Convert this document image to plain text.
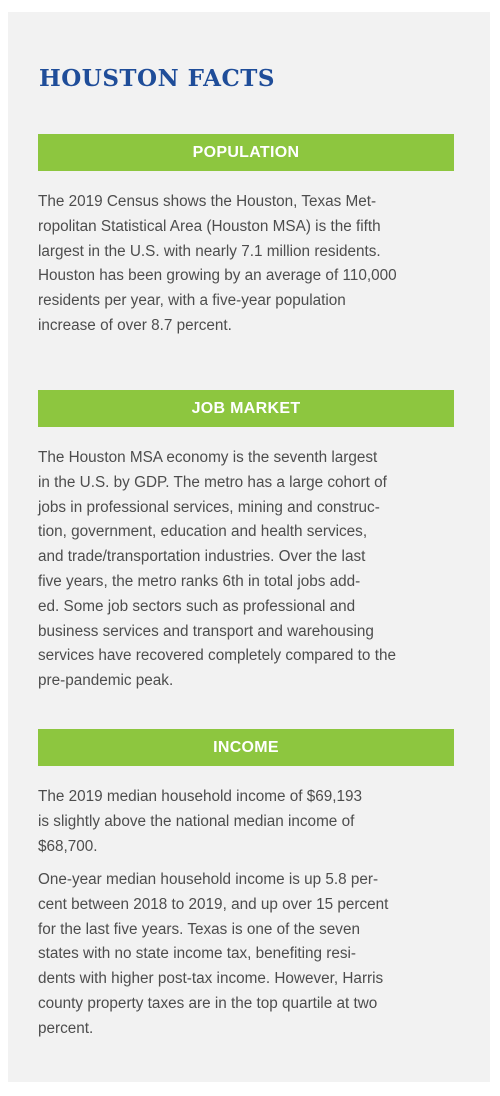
HOUSTON FACTS
POPULATION

The 2019 Census shows the Houston, Texas Met-
ropolitan Statistical Area (Houston MSA) is the fifth
largest in the U.S. with nearly 7.1 million residents.
Houston has been growing by an average of 110,000
residents per year, with a five-year population
increase of over 8.7 percent.

JOB MARKET

The Houston MSA economy is the seventh largest
in the U.S. by GDP. The metro has a large cohort of
jobs in professional services, mining and construc-
tion, government, education and health services,
and trade/transportation industries. Over the last
five years, the metro ranks 6th in total jobs add-
ed. Some job sectors such as professional and
business services and transport and warehousing
services have recovered completely compared to the
pre-pandemic peak.

INCOME

The 2019 median household income of $69,193
is slightly above the national median income of
$68,700.

One-year median household income is up 5.8 per-
cent between 2018 to 2019, and up over 15 percent
for the last five years. Texas is one of the seven
states with no state income tax, benefiting resi-
dents with higher post-tax income. However, Harris
county property taxes are in the top quartile at two
percent.
